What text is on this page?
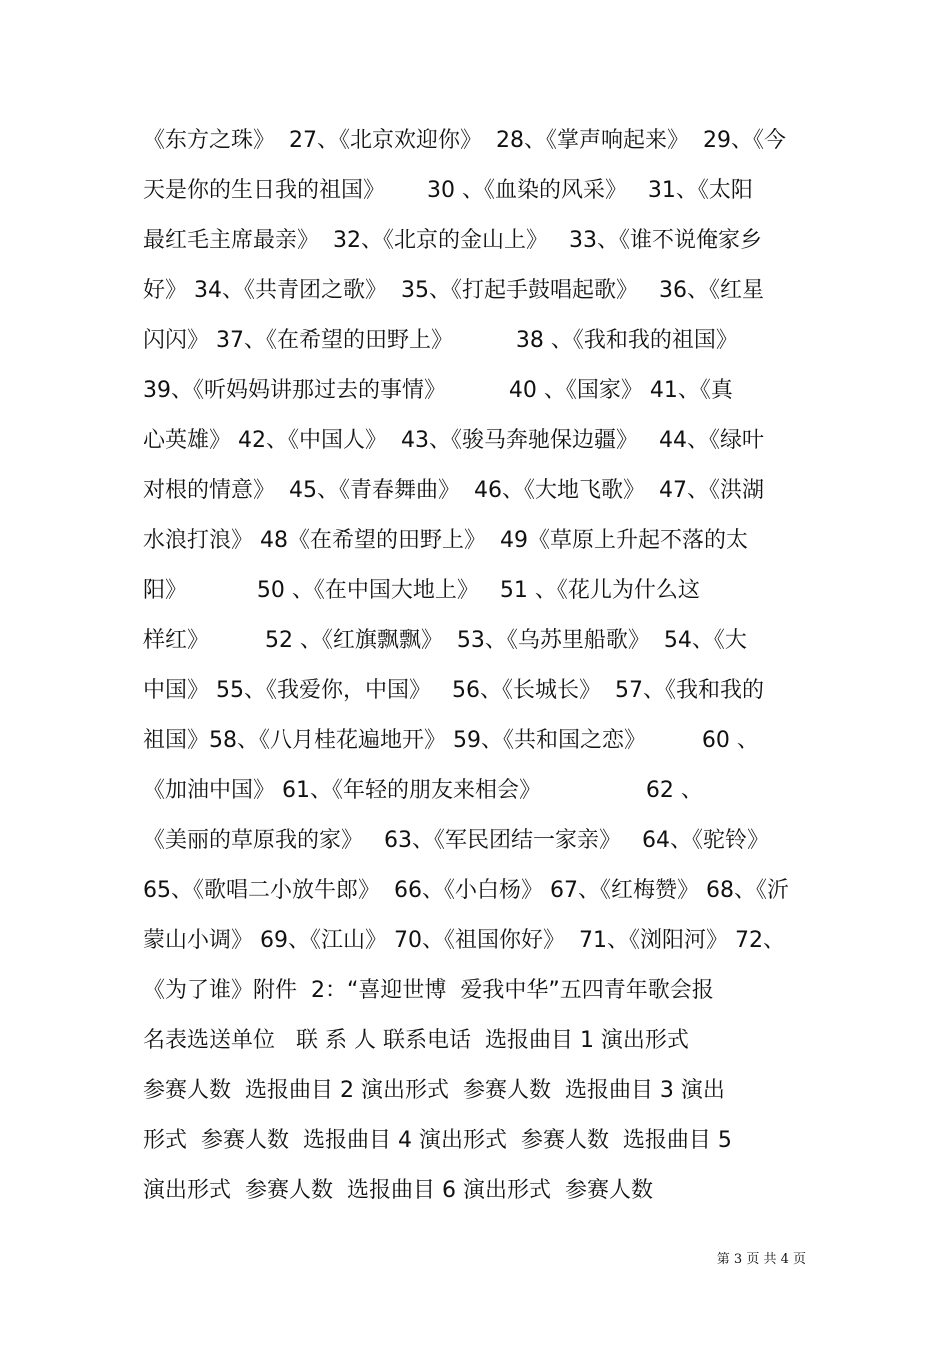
《东方之珠》  27、《北京欢迎你》  28、《掌声响起来》  29、《今
天是你的生日我的祖国》      30 、《血染的风采》   31、《太阳
最红毛主席最亲》  32、《北京的金山上》   33、《谁不说俺家乡
好》 34、《共青团之歌》  35、《打起手鼓唱起歌》   36、《红星
闪闪》 37、《在希望的田野上》         38 、《我和我的祖国》
39、《听妈妈讲那过去的事情》         40 、《国家》 41、《真
心英雄》 42、《中国人》  43、《骏马奔驰保边疆》   44、《绿叶
对根的情意》  45、《青春舞曲》  46、《大地飞歌》  47、《洪湖
水浪打浪》 48《在希望的田野上》  49《草原上升起不落的太
阳》          50 、《在中国大地上》   51 、《花儿为什么这
样红》        52 、《红旗飘飘》  53、《乌苏里船歌》  54、《大
中国》 55、《我爱你，中国》   56、《长城长》  57、《我和我的
祖国》58、《八月桂花遍地开》 59、《共和国之恋》        60 、
《加油中国》 61、《年轻的朋友来相会》               62 、
《美丽的草原我的家》   63、《军民团结一家亲》   64、《驼铃》
65、《歌唱二小放牛郎》  66、《小白杨》 67、《红梅赞》 68、《沂
蒙山小调》 69、《江山》 70、《祖国你好》  71、《浏阳河》 72、
《为了谁》附件  2：“喜迎世博  爱我中华”五四青年歌会报
名表选送单位   联 系 人 联系电话  选报曲目 1 演出形式
参赛人数  选报曲目 2 演出形式  参赛人数  选报曲目 3 演出
形式  参赛人数  选报曲目 4 演出形式  参赛人数  选报曲目 5
演出形式  参赛人数  选报曲目 6 演出形式  参赛人数
第 3 页 共 4 页
